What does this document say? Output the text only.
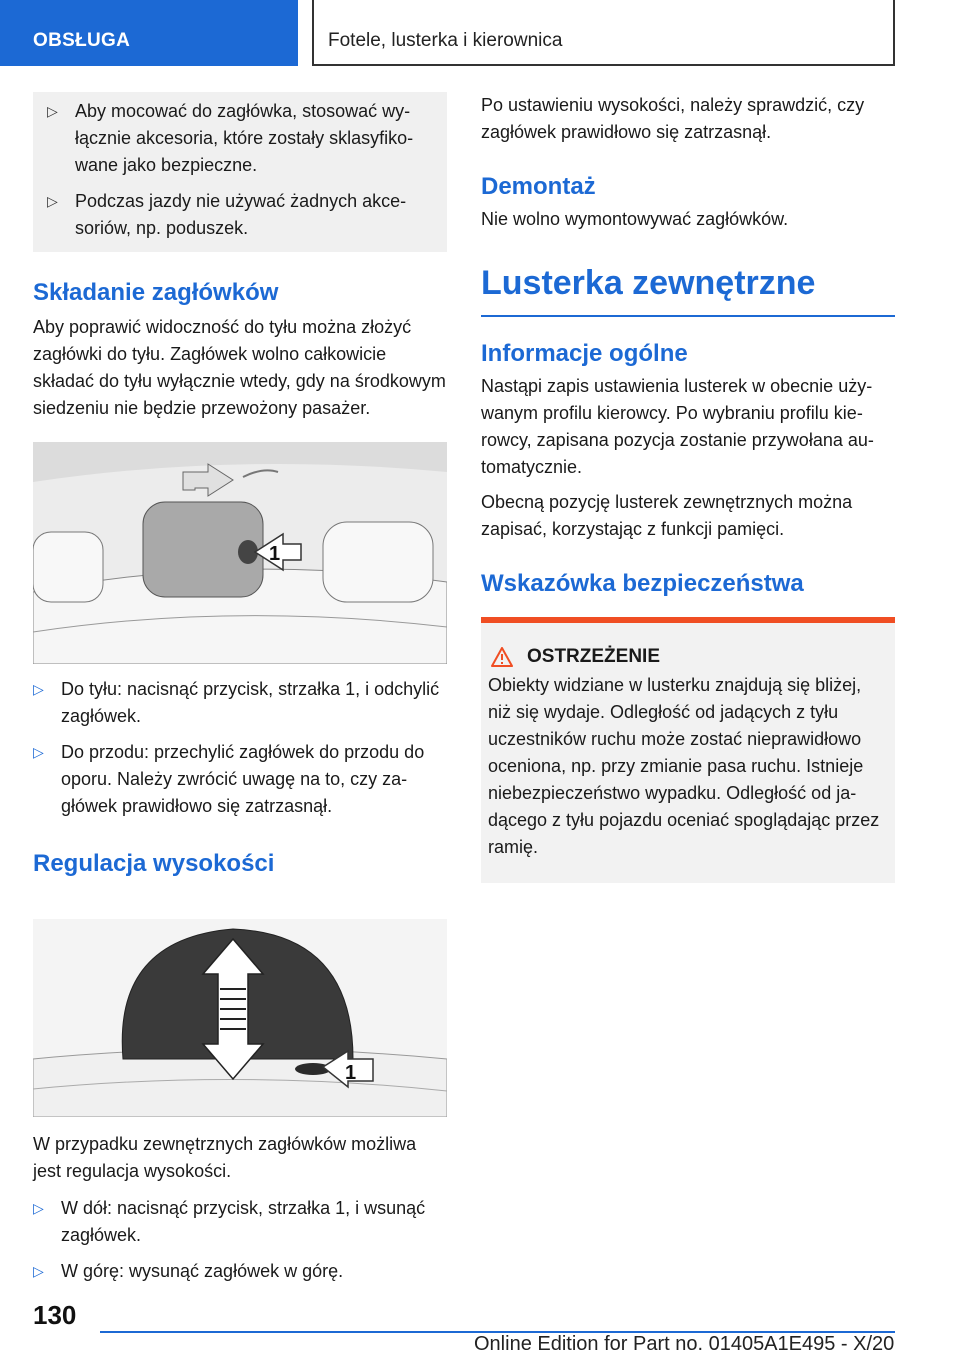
OBSŁUGA	Fotele, lusterka i kierownica
▷ Aby mocować do zagłówka, stosować wyłącznie akcesoria, które zostały sklasyfikowane jako bezpieczne.
▷ Podczas jazdy nie używać żadnych akcesoriów, np. poduszek.
Składanie zagłówków

Aby poprawić widoczność do tyłu można złożyć zagłówki do tyłu. Zagłówek wolno całkowicie składać do tyłu wyłącznie wtedy, gdy na środkowym siedzeniu nie będzie przewożony pasażer.

1
▷ Do tyłu: nacisnąć przycisk, strzałka 1, i odchylić zagłówek.
▷ Do przodu: przechylić zagłówek do przodu do oporu. Należy zwrócić uwagę na to, czy zagłówek prawidłowo się zatrzasnął.
Regulacja wysokości
1

W przypadku zewnętrznych zagłówków możliwa jest regulacja wysokości.

▷ W dół: nacisnąć przycisk, strzałka 1, i wsunąć zagłówek.
▷ W górę: wysunąć zagłówek w górę.

Po ustawieniu wysokości, należy sprawdzić, czy zagłówek prawidłowo się zatrzasnął.

Demontaż

Nie wolno wymontowywać zagłówków.

Lusterka zewnętrzne
Informacje ogólne

Nastąpi zapis ustawienia lusterek w obecnie używanym profilu kierowcy. Po wybraniu profilu kierowcy, zapisana pozycja zostanie przywołana automatycznie.

Obecną pozycję lusterek zewnętrznych można zapisać, korzystając z funkcji pamięci.

Wskazówka bezpieczeństwa
OSTRZEŻENIE

Obiekty widziane w lusterku znajdują się bliżej, niż się wydaje. Odległość od jadących z tyłu uczestników ruchu może zostać nieprawidłowo oceniona, np. przy zmianie pasa ruchu. Istnieje niebezpieczeństwo wypadku. Odległość od jadącego z tyłu pojazdu oceniać spoglądając przez ramię.

130
Online Edition for Part no. 01405A1E495 - X/20
